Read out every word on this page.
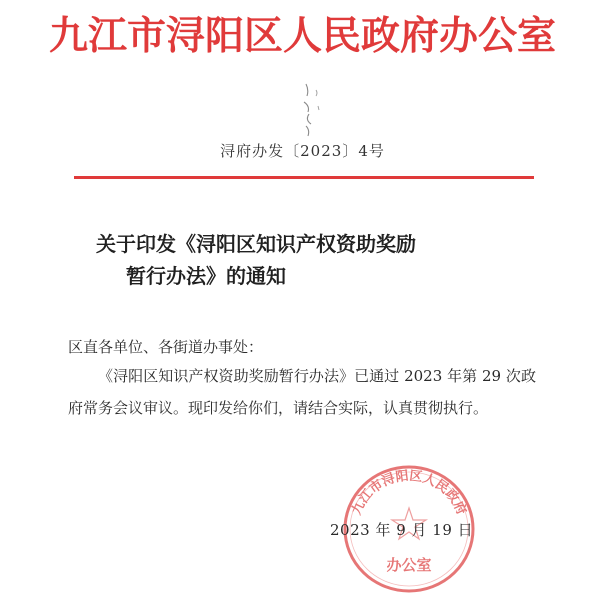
九江市浔阳区人民政府办公室
浔府办发〔2023〕4号
关于印发《浔阳区知识产权资助奖励
暂行办法》的通知
区直各单位、各街道办事处：
《浔阳区知识产权资助奖励暂行办法》已通过 2023 年第 29 次政府常务会议审议。现印发给你们，请结合实际，认真贯彻执行。
九江市浔阳区人民政府
办公室
2023 年 9 月 19 日
